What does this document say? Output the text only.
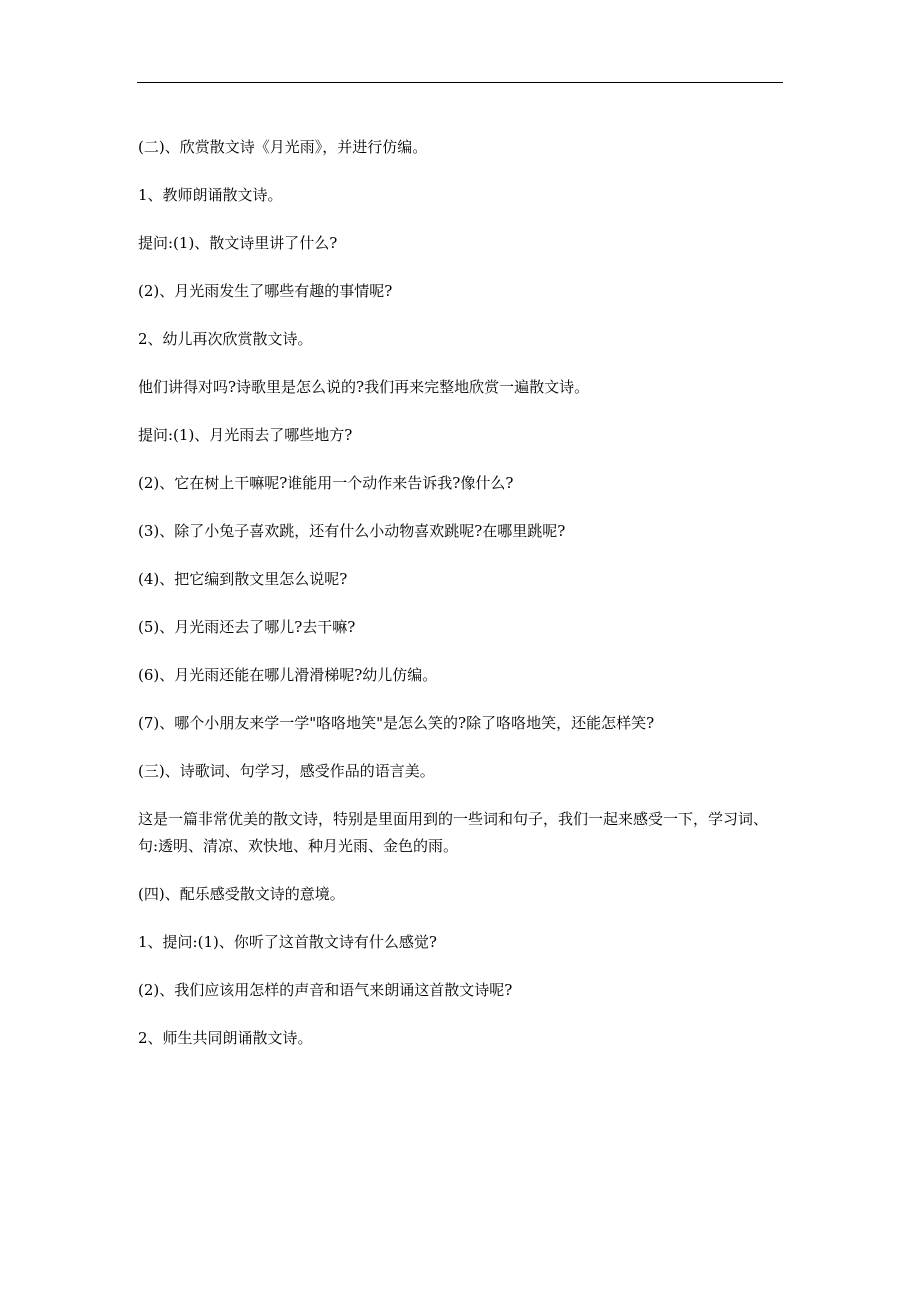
(二)、欣赏散文诗《月光雨》，并进行仿编。

1、教师朗诵散文诗。

提问:(1)、散文诗里讲了什么?

(2)、月光雨发生了哪些有趣的事情呢?

2、幼儿再次欣赏散文诗。

他们讲得对吗?诗歌里是怎么说的?我们再来完整地欣赏一遍散文诗。

提问:(1)、月光雨去了哪些地方?

(2)、它在树上干嘛呢?谁能用一个动作来告诉我?像什么?

(3)、除了小兔子喜欢跳，还有什么小动物喜欢跳呢?在哪里跳呢?

(4)、把它编到散文里怎么说呢?

(5)、月光雨还去了哪儿?去干嘛?

(6)、月光雨还能在哪儿滑滑梯呢?幼儿仿编。

(7)、哪个小朋友来学一学"咯咯地笑"是怎么笑的?除了咯咯地笑，还能怎样笑?

(三)、诗歌词、句学习，感受作品的语言美。

这是一篇非常优美的散文诗，特别是里面用到的一些词和句子，我们一起来感受一下，学习词、句:透明、清凉、欢快地、种月光雨、金色的雨。

(四)、配乐感受散文诗的意境。

1、提问:(1)、你听了这首散文诗有什么感觉?

(2)、我们应该用怎样的声音和语气来朗诵这首散文诗呢?

2、师生共同朗诵散文诗。
